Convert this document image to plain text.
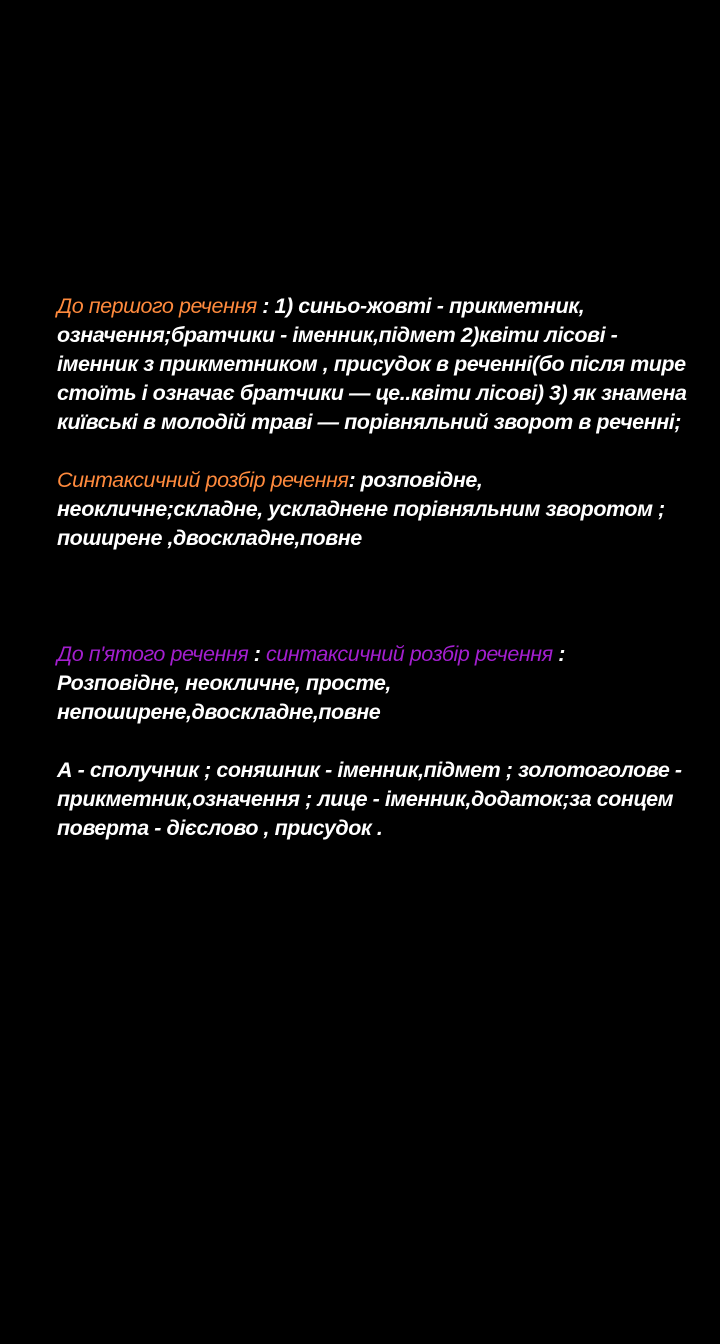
До першого речення : 1) синьо-жовті - прикметник, означення;братчики - іменник,підмет 2)квіти лісові - іменник з прикметником , присудок в реченні(бо після тире стоїть і означає братчики — це..квіти лісові) 3) як знамена київські в молодій траві — порівняльний зворот в реченні;

Синтаксичний розбір речення: розповідне, неокличне;складне, ускладнене порівняльним зворотом ; поширене ,двоскладне,повне

До п'ятого речення : синтаксичний розбір речення : Розповідне, неокличне, просте, непоширене,двоскладне,повне

А - сполучник ; соняшник - іменник,підмет ; золотоголове - прикметник,означення ; лице - іменник,додаток;за сонцем поверта - дієслово , присудок .
